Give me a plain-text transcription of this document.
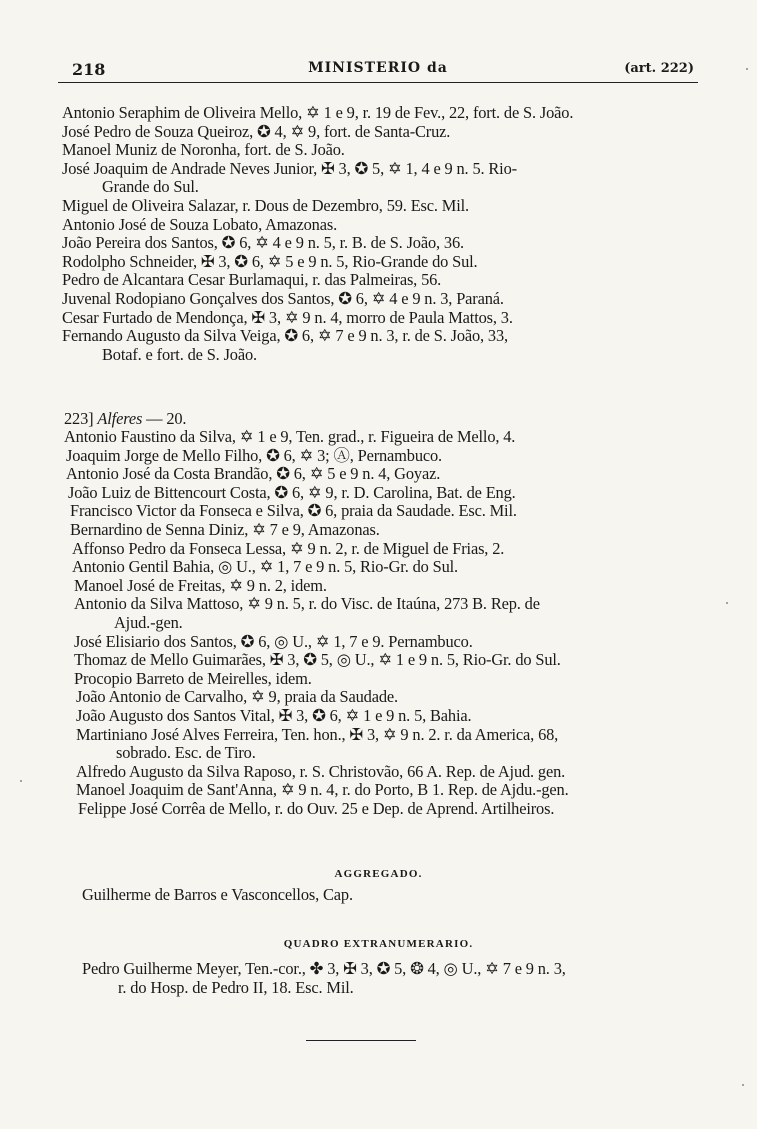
218	MINISTERIO da	(art. 222)
Antonio Seraphim de Oliveira Mello, ✡ 1 e 9, r. 19 de Fev., 22, fort. de S. João.
José Pedro de Souza Queiroz, ✪ 4, ✡ 9, fort. de Santa-Cruz.
Manoel Muniz de Noronha, fort. de S. João.
José Joaquim de Andrade Neves Junior, ✠ 3, ✪ 5, ✡ 1, 4 e 9 n. 5. Rio-
Grande do Sul.
Miguel de Oliveira Salazar, r. Dous de Dezembro, 59. Esc. Mil.
Antonio José de Souza Lobato, Amazonas.
João Pereira dos Santos, ✪ 6, ✡ 4 e 9 n. 5, r. B. de S. João, 36.
Rodolpho Schneider, ✠ 3, ✪ 6, ✡ 5 e 9 n. 5, Rio-Grande do Sul.
Pedro de Alcantara Cesar Burlamaqui, r. das Palmeiras, 56.
Juvenal Rodopiano Gonçalves dos Santos, ✪ 6, ✡ 4 e 9 n. 3, Paraná.
Cesar Furtado de Mendonça, ✠ 3, ✡ 9 n. 4, morro de Paula Mattos, 3.
Fernando Augusto da Silva Veiga, ✪ 6, ✡ 7 e 9 n. 3, r. de S. João, 33,
Botaf. e fort. de S. João.
223] Alferes — 20.
Antonio Faustino da Silva, ✡ 1 e 9, Ten. grad., r. Figueira de Mello, 4.
Joaquim Jorge de Mello Filho, ✪ 6, ✡ 3; Ⓐ, Pernambuco.
Antonio José da Costa Brandão, ✪ 6, ✡ 5 e 9 n. 4, Goyaz.
João Luiz de Bittencourt Costa, ✪ 6, ✡ 9, r. D. Carolina, Bat. de Eng.
Francisco Victor da Fonseca e Silva, ✪ 6, praia da Saudade. Esc. Mil.
Bernardino de Senna Diniz, ✡ 7 e 9, Amazonas.
Affonso Pedro da Fonseca Lessa, ✡ 9 n. 2, r. de Miguel de Frias, 2.
Antonio Gentil Bahia, ◎ U., ✡ 1, 7 e 9 n. 5, Rio-Gr. do Sul.
Manoel José de Freitas, ✡ 9 n. 2, idem.
Antonio da Silva Mattoso, ✡ 9 n. 5, r. do Visc. de Itaúna, 273 B. Rep. de
Ajud.-gen.
José Elisiario dos Santos, ✪ 6, ◎ U., ✡ 1, 7 e 9. Pernambuco.
Thomaz de Mello Guimarães, ✠ 3, ✪ 5, ◎ U., ✡ 1 e 9 n. 5, Rio-Gr. do Sul.
Procopio Barreto de Meirelles, idem.
João Antonio de Carvalho, ✡ 9, praia da Saudade.
João Augusto dos Santos Vital, ✠ 3, ✪ 6, ✡ 1 e 9 n. 5, Bahia.
Martiniano José Alves Ferreira, Ten. hon., ✠ 3, ✡ 9 n. 2. r. da America, 68,
sobrado. Esc. de Tiro.
Alfredo Augusto da Silva Raposo, r. S. Christovão, 66 A. Rep. de Ajud. gen.
Manoel Joaquim de Sant'Anna, ✡ 9 n. 4, r. do Porto, B 1. Rep. de Ajdu.-gen.
Felippe José Corrêa de Mello, r. do Ouv. 25 e Dep. de Aprend. Artilheiros.
AGGREGADO.
Guilherme de Barros e Vasconcellos, Cap.
QUADRO EXTRANUMERARIO.
Pedro Guilherme Meyer, Ten.-cor., ✤ 3, ✠ 3, ✪ 5, ❂ 4, ◎ U., ✡ 7 e 9 n. 3,
r. do Hosp. de Pedro II, 18. Esc. Mil.
